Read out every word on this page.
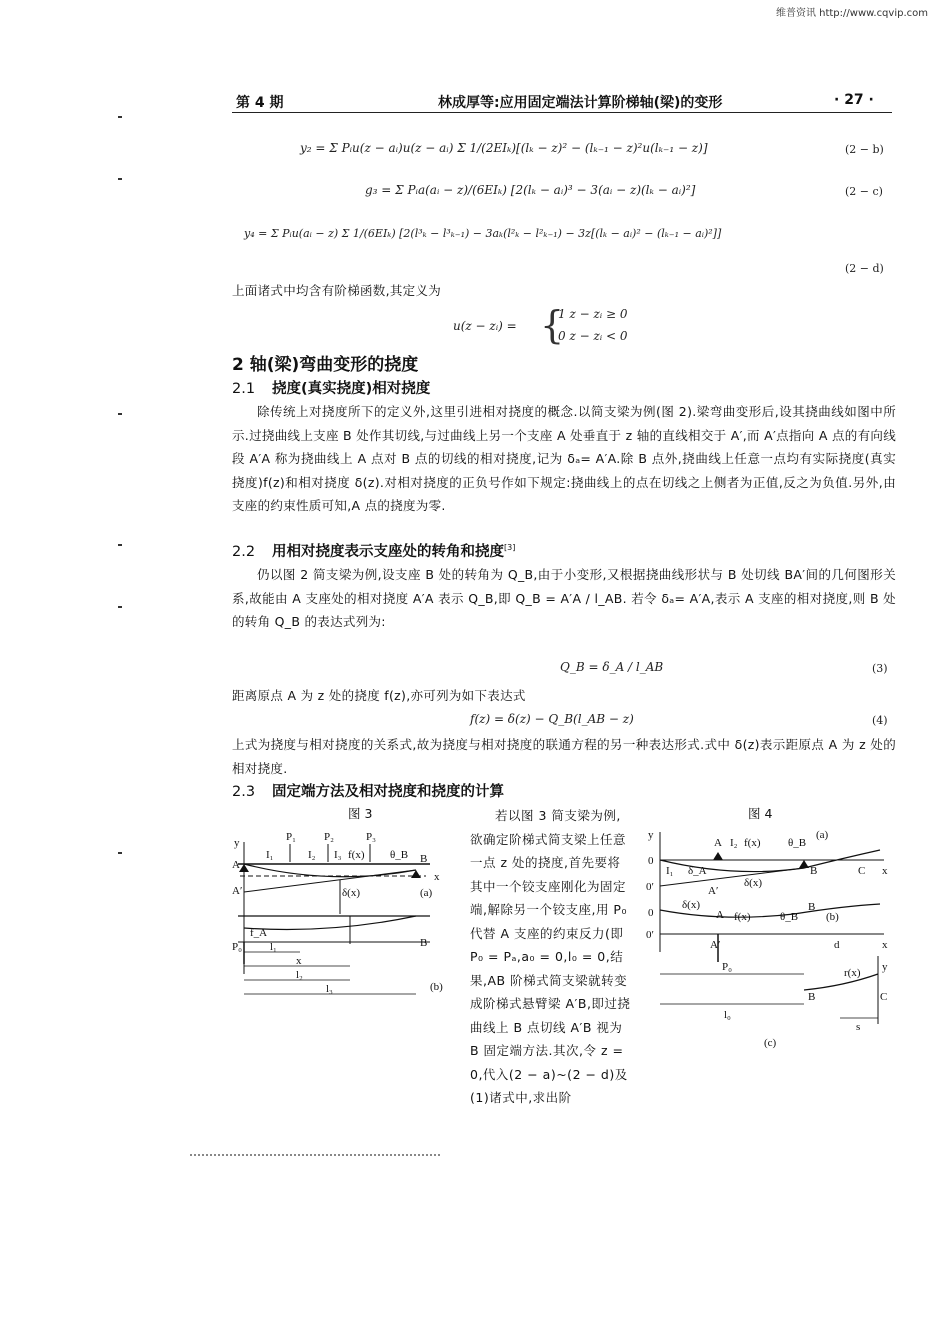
维普资讯 http://www.cqvip.com
第 4 期	林成厚等:应用固定端法计算阶梯轴(梁)的变形	· 27 ·
y₂ = Σ Pᵢu(z − aᵢ)u(z − aᵢ) Σ 1/(2EIₖ)[(lₖ − z)² − (lₖ₋₁ − z)²u(lₖ₋₁ − z)]	(2 − b)
g₃ = Σ Pᵢa(aᵢ − z)/(6EIₖ) [2(lₖ − aᵢ)³ − 3(aᵢ − z)(lₖ − aᵢ)²]	(2 − c)
y₄ = Σ Pᵢu(aᵢ − z) Σ 1/(6EIₖ) [2(l³ₖ − l³ₖ₋₁) − 3aₖ(l²ₖ − l²ₖ₋₁) − 3z[(lₖ − aᵢ)² − (lₖ₋₁ − aᵢ)²]]
(2 − d)

上面诸式中均含有阶梯函数,其定义为

u(z − zᵢ) = {
1 z − zᵢ ≥ 0
0 z − zᵢ < 0
2 轴(梁)弯曲变形的挠度
2.1 挠度(真实挠度)相对挠度

除传统上对挠度所下的定义外,这里引进相对挠度的概念.以简支梁为例(图 2).梁弯曲变形后,设其挠曲线如图中所示.过挠曲线上支座 B 处作其切线,与过曲线上另一个支座 A 处垂直于 z 轴的直线相交于 A′,而 A′点指向 A 点的有向线段 A′A 称为挠曲线上 A 点对 B 点的切线的相对挠度,记为 δₐ= A′A.除 B 点外,挠曲线上任意一点均有实际挠度(真实挠度)f(z)和相对挠度 δ(z).对相对挠度的正负号作如下规定:挠曲线上的点在切线之上侧者为正值,反之为负值.另外,由支座的约束性质可知,A 点的挠度为零.

2.2 用相对挠度表示支座处的转角和挠度[3]

仍以图 2 简支梁为例,设支座 B 处的转角为 Q_B,由于小变形,又根据挠曲线形状与 B 处切线 BA′间的几何图形关系,故能由 A 支座处的相对挠度 A′A 表示 Q_B,即 Q_B = A′A / l_AB. 若令 δₐ= A′A,表示 A 支座的相对挠度,则 B 处的转角 Q_B 的表达式列为:

Q_B = δ_A / l_AB	(3)

距离原点 A 为 z 处的挠度 f(z),亦可列为如下表达式

f(z) = δ(z) − Q_B(l_AB − z)	(4)

上式为挠度与相对挠度的关系式,故为挠度与相对挠度的联通方程的另一种表达形式.式中 δ(z)表示距原点 A 为 z 处的相对挠度.

2.3 固定端方法及相对挠度和挠度的计算
图 3
y
A
A′
B
x
P₁	P₂	P₃
I₁	I₂ I₃ f(x) θ_B
δ(x)	(a)
f_A
P₀	B
l₁
x
l₂
l₃	(b)

若以图 3 简支梁为例,欲确定阶梯式简支梁上任意一点 z 处的挠度,首先要将其中一个铰支座刚化为固定端,解除另一个铰支座,用 P₀ 代替 A 支座的约束反力(即 P₀ = Pₐ,a₀ = 0,l₀ = 0,结果,AB 阶梯式简支梁就转变成阶梯式悬臂梁 A′B,即过挠曲线上 B 点切线 A′B 视为 B 固定端方法.其次,令 z = 0,代入(2 − a)~(2 − d)及(1)诸式中,求出阶

图 4
y
0
0′
A
A′
B	C x
I₁
I₂ f(x)	θ_B
(a)
δ_A
δ(x)
0
0′
δ(x)
A f(x)	θ_B
B
(b)
A′
P₀
d	x
y
r(x)
B	C
l₀
s
(c)
